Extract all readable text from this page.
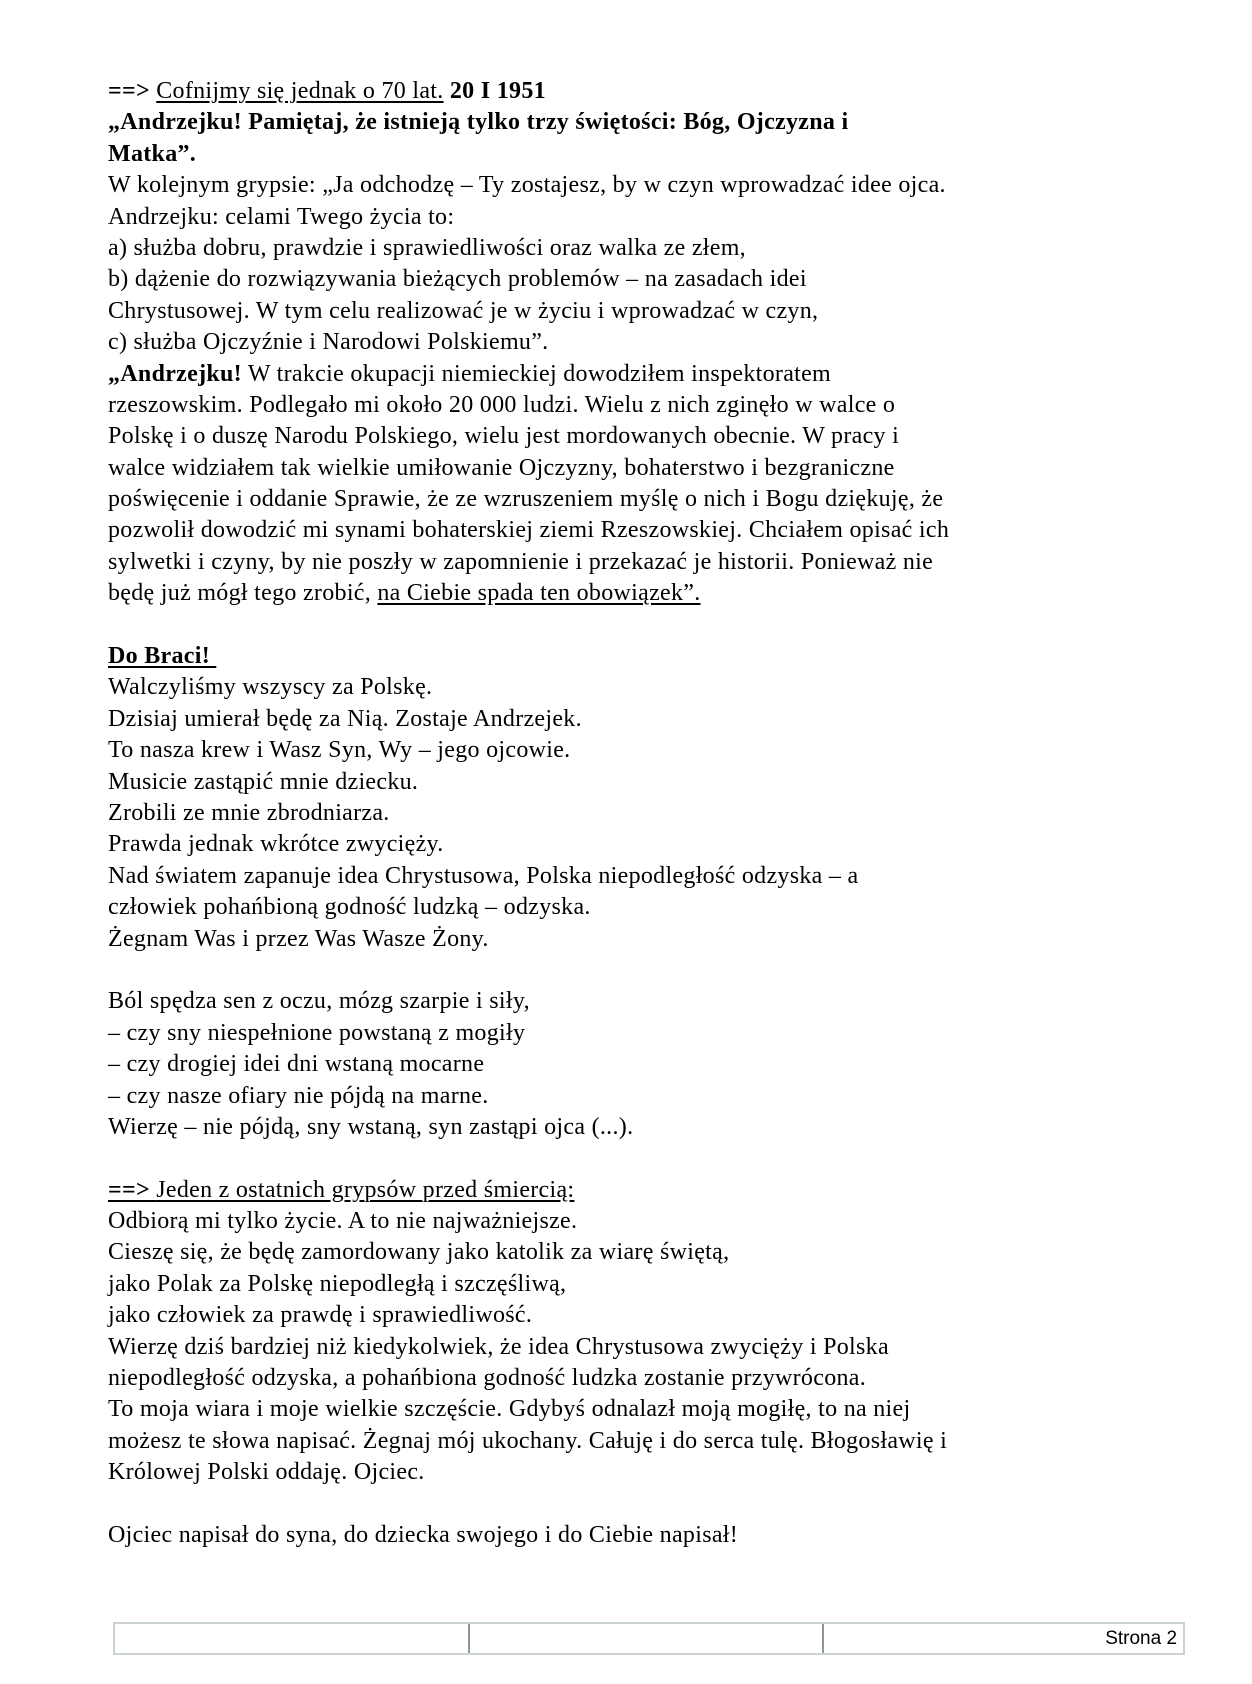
==> Cofnijmy się jednak o 70 lat. 20 I 1951
„Andrzejku! Pamiętaj, że istnieją tylko trzy świętości: Bóg, Ojczyzna i
Matka”.
W kolejnym grypsie: „Ja odchodzę – Ty zostajesz, by w czyn wprowadzać idee ojca.
Andrzejku: celami Twego życia to:
a) służba dobru, prawdzie i sprawiedliwości oraz walka ze złem,
b) dążenie do rozwiązywania bieżących problemów – na zasadach idei
Chrystusowej. W tym celu realizować je w życiu i wprowadzać w czyn,
c) służba Ojczyźnie i Narodowi Polskiemu”.
„Andrzejku! W trakcie okupacji niemieckiej dowodziłem inspektoratem
rzeszowskim. Podlegało mi około 20 000 ludzi. Wielu z nich zginęło w walce o
Polskę i o duszę Narodu Polskiego, wielu jest mordowanych obecnie. W pracy i
walce widziałem tak wielkie umiłowanie Ojczyzny, bohaterstwo i bezgraniczne
poświęcenie i oddanie Sprawie, że ze wzruszeniem myślę o nich i Bogu dziękuję, że
pozwolił dowodzić mi synami bohaterskiej ziemi Rzeszowskiej. Chciałem opisać ich
sylwetki i czyny, by nie poszły w zapomnienie i przekazać je historii. Ponieważ nie
będę już mógł tego zrobić, na Ciebie spada ten obowiązek”.

Do Braci!
Walczyliśmy wszyscy za Polskę.
Dzisiaj umierał będę za Nią. Zostaje Andrzejek.
To nasza krew i Wasz Syn, Wy – jego ojcowie.
Musicie zastąpić mnie dziecku.
Zrobili ze mnie zbrodniarza.
Prawda jednak wkrótce zwycięży.
Nad światem zapanuje idea Chrystusowa, Polska niepodległość odzyska – a
człowiek pohańbioną godność ludzką – odzyska.
Żegnam Was i przez Was Wasze Żony.

Ból spędza sen z oczu, mózg szarpie i siły,
– czy sny niespełnione powstaną z mogiły
– czy drogiej idei dni wstaną mocarne
– czy nasze ofiary nie pójdą na marne.
Wierzę – nie pójdą, sny wstaną, syn zastąpi ojca (...).

==> Jeden z ostatnich grypsów przed śmiercią:
Odbiorą mi tylko życie. A to nie najważniejsze.
Cieszę się, że będę zamordowany jako katolik za wiarę świętą,
jako Polak za Polskę niepodległą i szczęśliwą,
jako człowiek za prawdę i sprawiedliwość.
Wierzę dziś bardziej niż kiedykolwiek, że idea Chrystusowa zwycięży i Polska
niepodległość odzyska, a pohańbiona godność ludzka zostanie przywrócona.
To moja wiara i moje wielkie szczęście. Gdybyś odnalazł moją mogiłę, to na niej
możesz te słowa napisać. Żegnaj mój ukochany. Całuję i do serca tulę. Błogosławię i
Królowej Polski oddaję. Ojciec.

Ojciec napisał do syna, do dziecka swojego i do Ciebie napisał!
Strona 2
